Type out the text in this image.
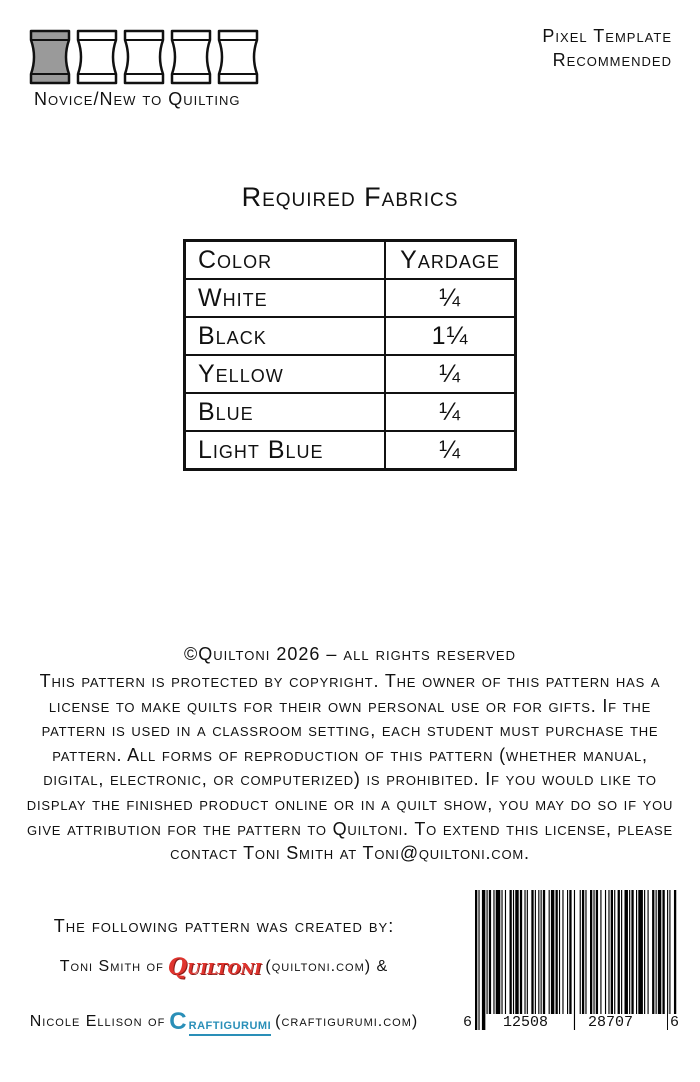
Novice/New to Quilting
Pixel Template
Recommended
Required Fabrics
Color	Yardage
White	¼
Black	1¼
Yellow	¼
Blue	¼
Light Blue	¼
©Quiltoni 2026 – all rights reserved
This pattern is protected by copyright. The owner of this pattern has a license to make quilts for their own personal use or for gifts. If the pattern is used in a classroom setting, each student must purchase the pattern. All forms of reproduction of this pattern (whether manual, digital, electronic, or computerized) is prohibited. If you would like to display the finished product online or in a quilt show, you may do so if you give attribution for the pattern to Quiltoni. To extend this license, please contact Toni Smith at Toni@quiltoni.com.
The following pattern was created by:
Toni Smith of Quiltoni (quiltoni.com) &
Nicole Ellison of C raftigurumi (craftigurumi.com)	6 12508	28707 6
